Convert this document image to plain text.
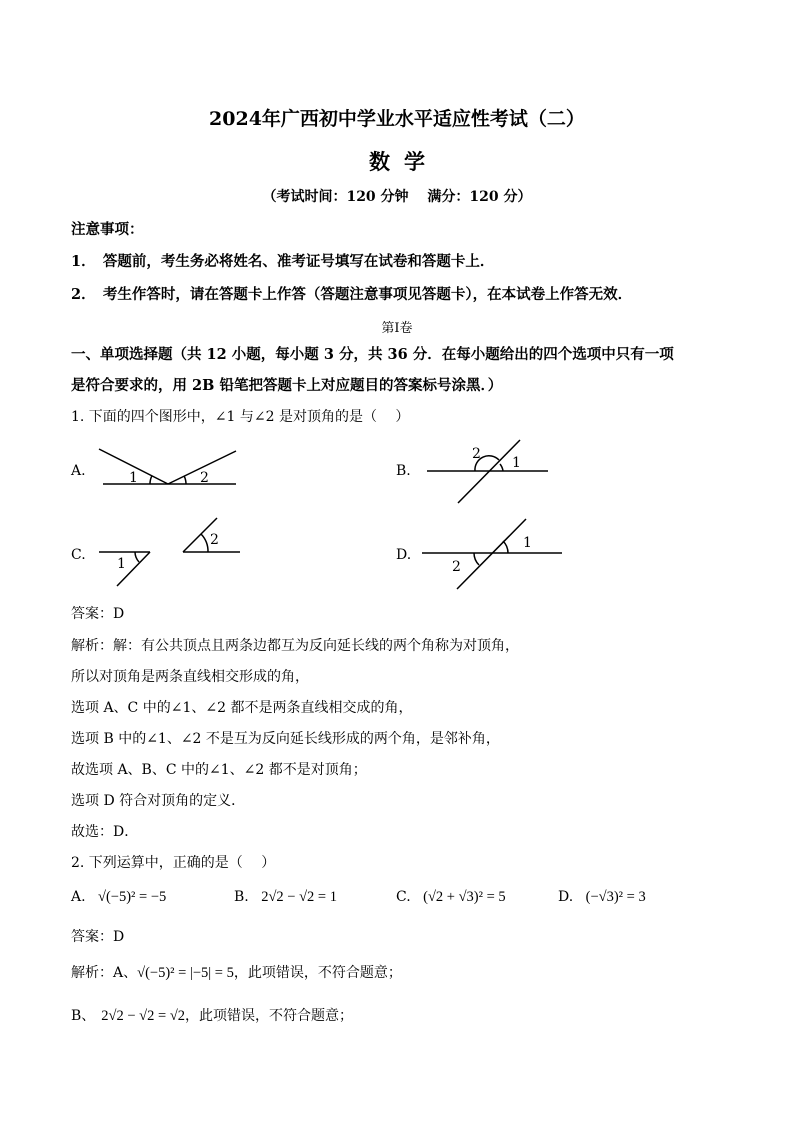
2024年广西初中学业水平适应性考试（二）
数学
（考试时间：120 分钟　 满分：120 分）
注意事项：
1．　答题前，考生务必将姓名、准考证号填写在试卷和答题卡上．
2．　考生作答时，请在答题卡上作答（答题注意事项见答题卡），在本试卷上作答无效．
第Ⅰ卷
一、单项选择题（共 12 小题，每小题 3 分，共 36 分．在每小题给出的四个选项中只有一项
是符合要求的，用 2B 铅笔把答题卡上对应题目的答案标号涂黑．）
1. 下面的四个图形中，∠1 与∠2 是对顶角的是（　 ）
A.	B.
C.	D.
1	2
2
1
1
2	1
2
答案：D
解析：解：有公共顶点且两条边都互为反向延长线的两个角称为对顶角，
所以对顶角是两条直线相交形成的角，
选项 A、C 中的∠1、∠2 都不是两条直线相交成的角，
选项 B 中的∠1、∠2 不是互为反向延长线形成的两个角，是邻补角，
故选项 A、B、C 中的∠1、∠2 都不是对顶角；
选项 D 符合对顶角的定义．
故选：D．
2. 下列运算中，正确的是（　 ）
A. √(−5)² = −5	B. 2√2 − √2 = 1	C. (√2 + √3)² = 5	D. (−√3)² = 3
答案：D
解析：A、√(−5)² = |−5| = 5，此项错误，不符合题意；
B、 2√2 − √2 = √2，此项错误，不符合题意；
